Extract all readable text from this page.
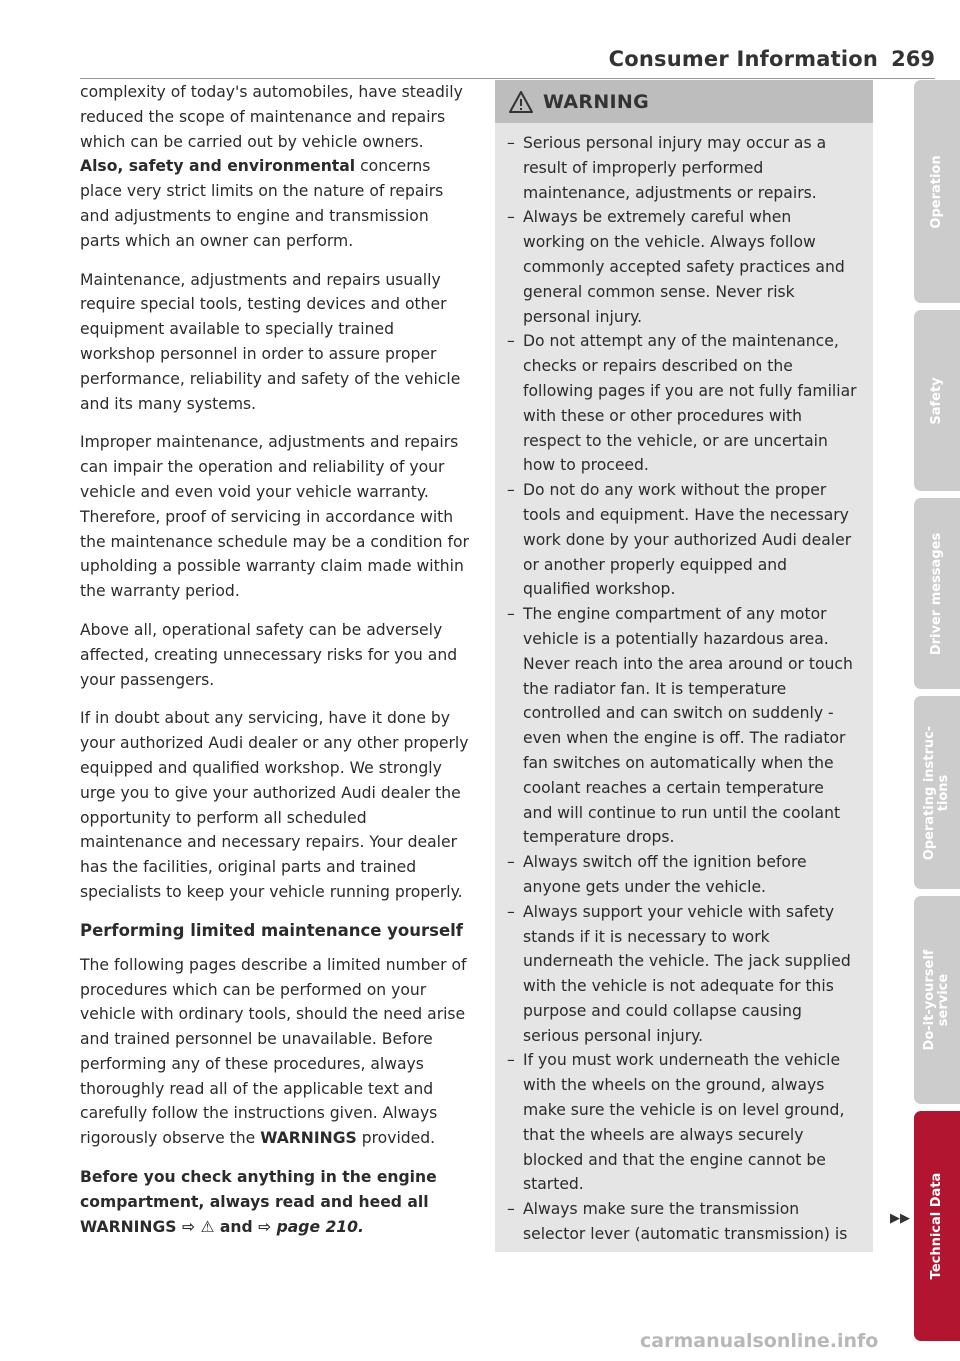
Consumer Information 269

complexity of today's automobiles, have steadily reduced the scope of maintenance and repairs which can be carried out by vehicle owners. Also, safety and environmental concerns place very strict limits on the nature of repairs and adjustments to engine and transmission parts which an owner can perform.

Maintenance, adjustments and repairs usually require special tools, testing devices and other equipment available to specially trained workshop personnel in order to assure proper performance, reliability and safety of the vehicle and its many systems.

Improper maintenance, adjustments and repairs can impair the operation and reliability of your vehicle and even void your vehicle warranty. Therefore, proof of servicing in accordance with the maintenance schedule may be a condition for upholding a possible warranty claim made within the warranty period.

Above all, operational safety can be adversely affected, creating unnecessary risks for you and your passengers.

If in doubt about any servicing, have it done by your authorized Audi dealer or any other properly equipped and qualified workshop. We strongly urge you to give your authorized Audi dealer the opportunity to perform all scheduled maintenance and necessary repairs. Your dealer has the facilities, original parts and trained specialists to keep your vehicle running properly.

Performing limited maintenance yourself

The following pages describe a limited number of procedures which can be performed on your vehicle with ordinary tools, should the need arise and trained personnel be unavailable. Before performing any of these procedures, always thoroughly read all of the applicable text and carefully follow the instructions given. Always rigorously observe the WARNINGS provided.

Before you check anything in the engine compartment, always read and heed all WARNINGS ⇨ ⚠ and ⇨ page 210.

WARNING
– Serious personal injury may occur as a result of improperly performed maintenance, adjustments or repairs.
– Always be extremely careful when working on the vehicle. Always follow commonly accepted safety practices and general common sense. Never risk personal injury.
– Do not attempt any of the maintenance, checks or repairs described on the following pages if you are not fully familiar with these or other procedures with respect to the vehicle, or are uncertain how to proceed.
– Do not do any work without the proper tools and equipment. Have the necessary work done by your authorized Audi dealer or another properly equipped and qualified workshop.
– The engine compartment of any motor vehicle is a potentially hazardous area. Never reach into the area around or touch the radiator fan. It is temperature controlled and can switch on suddenly - even when the engine is off. The radiator fan switches on automatically when the coolant reaches a certain temperature and will continue to run until the coolant temperature drops.
– Always switch off the ignition before anyone gets under the vehicle.
– Always support your vehicle with safety stands if it is necessary to work underneath the vehicle. The jack supplied with the vehicle is not adequate for this purpose and could collapse causing serious personal injury.
– If you must work underneath the vehicle with the wheels on the ground, always make sure the vehicle is on level ground, that the wheels are always securely blocked and that the engine cannot be started.
– Always make sure the transmission selector lever (automatic transmission) is
▶▶
Operation
Safety
Driver messages
Operating instruc-
tions
Do-it-yourself
service
Technical Data
carmanualsonline.info
